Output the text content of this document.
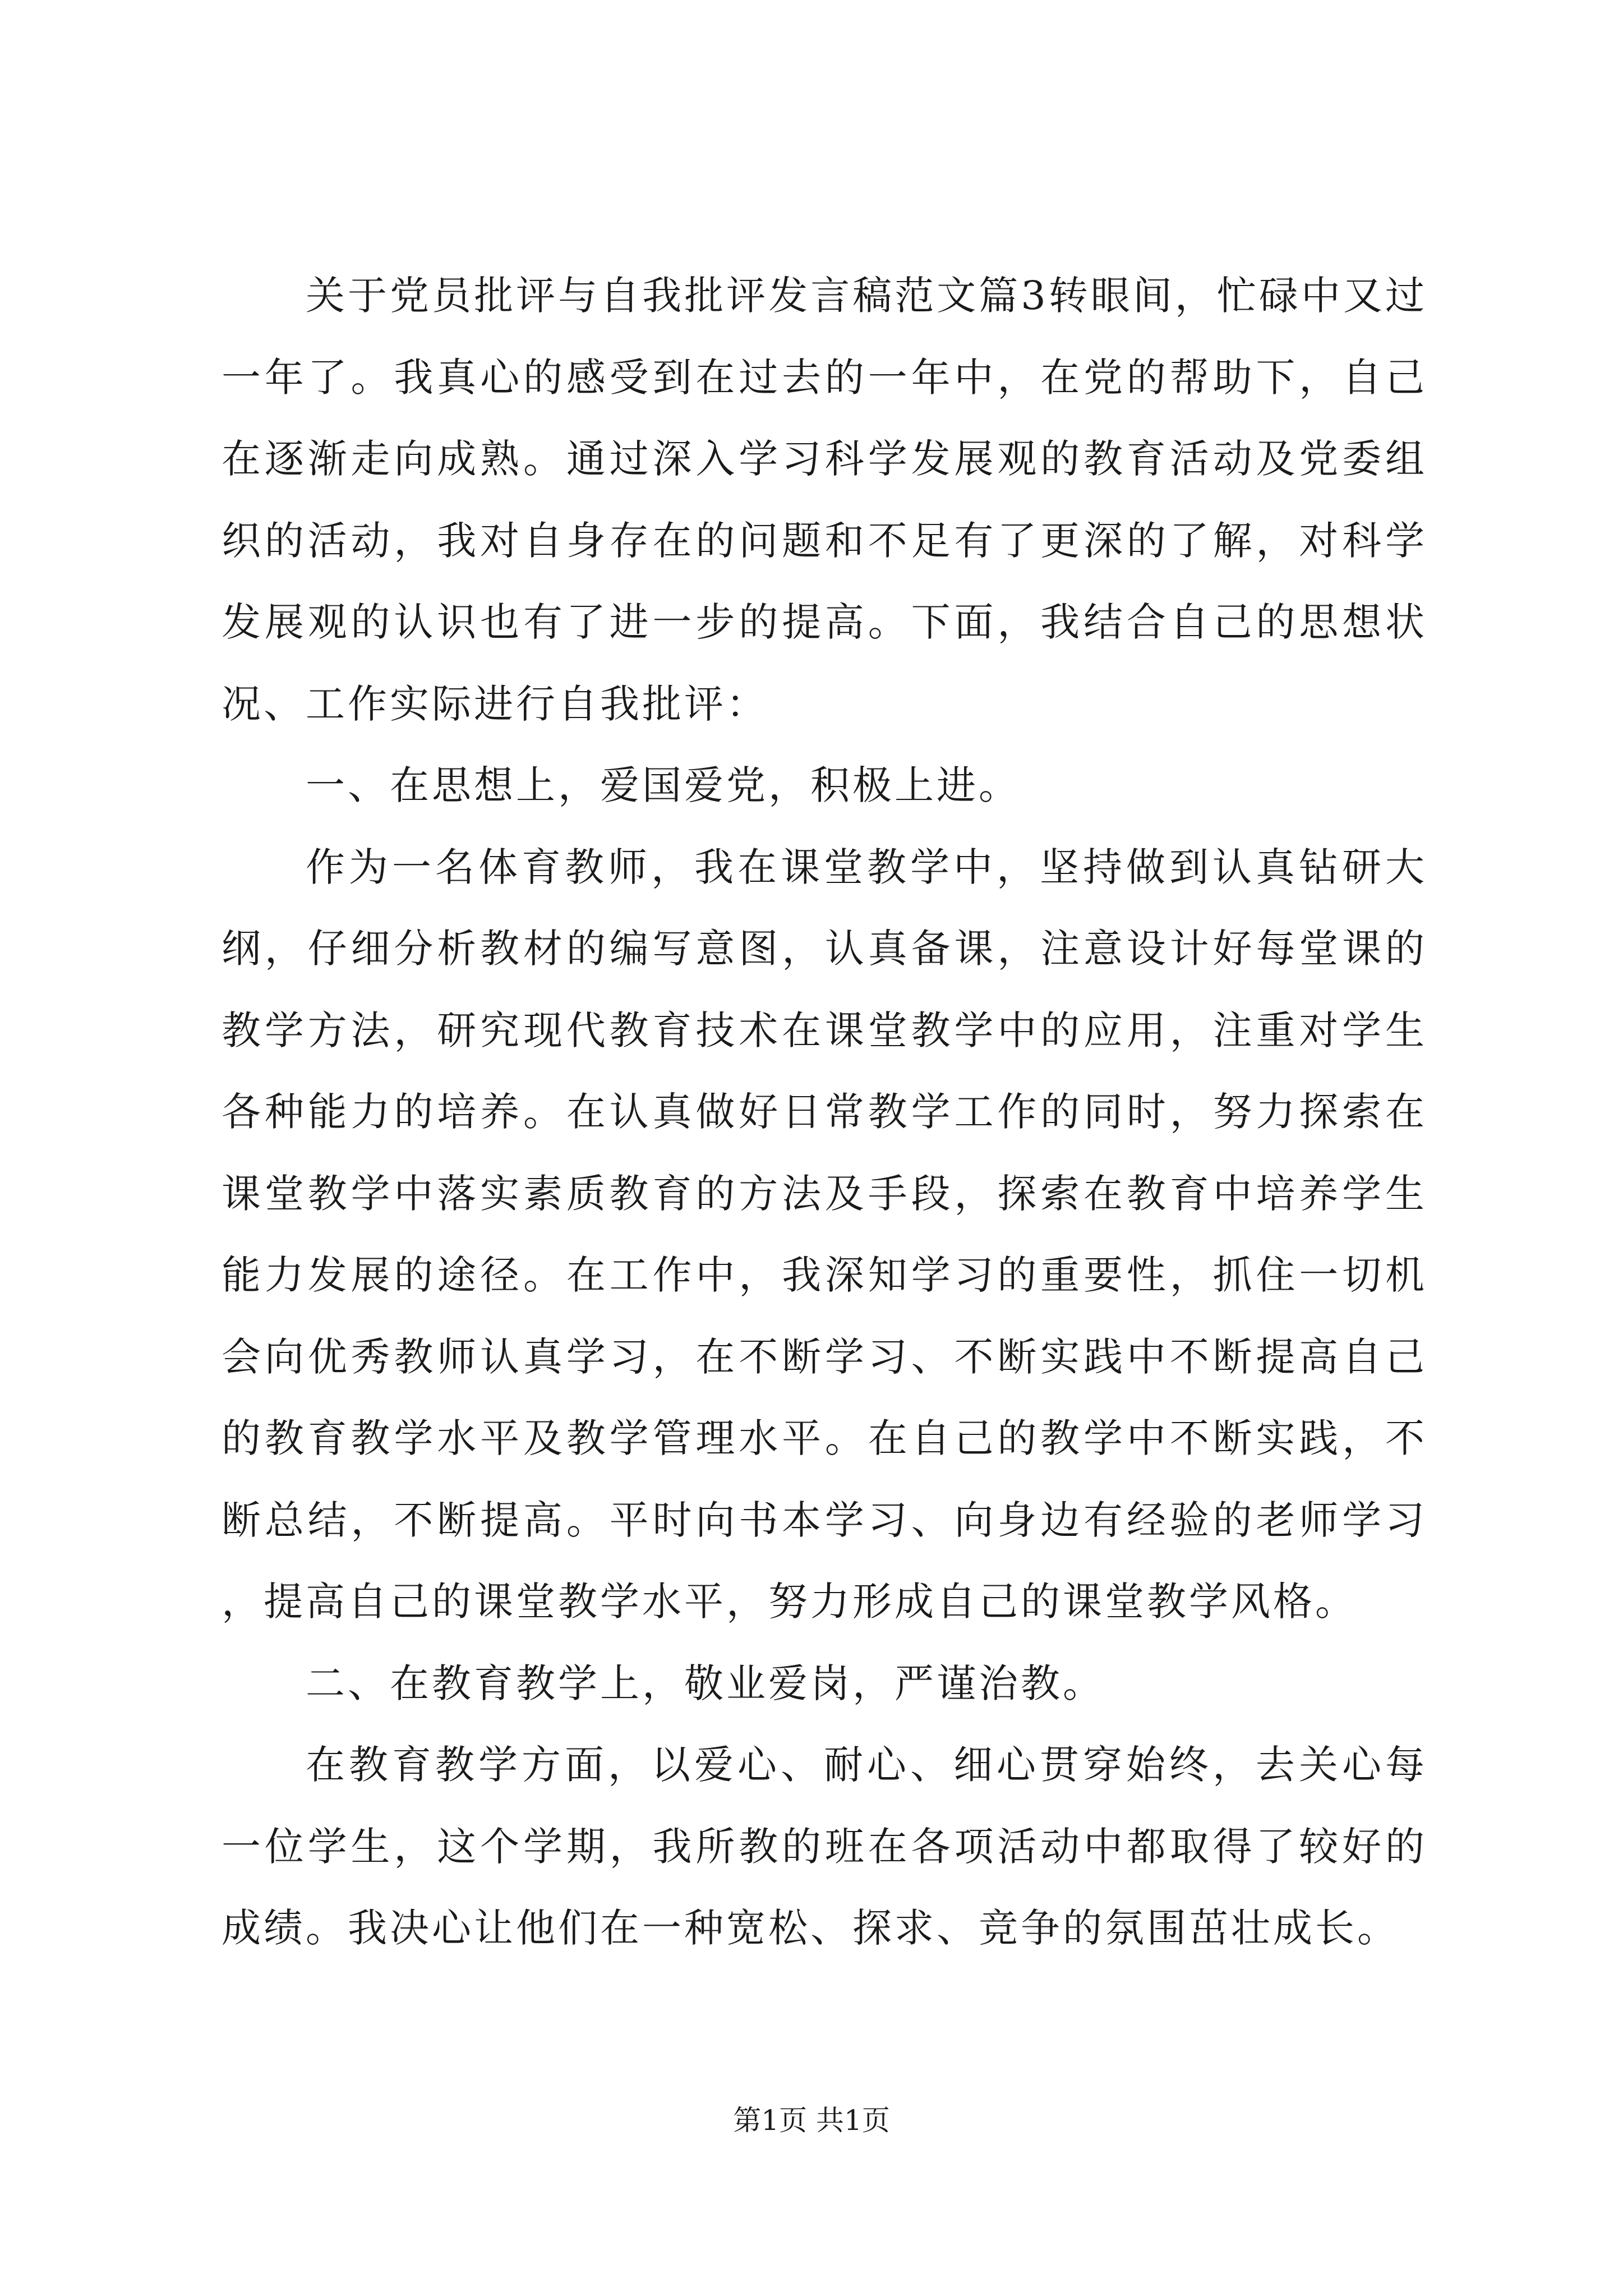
关于党员批评与自我批评发言稿范文篇3转眼间，忙碌中又过一年了。我真心的感受到在过去的一年中，在党的帮助下，自己在逐渐走向成熟。通过深入学习科学发展观的教育活动及党委组织的活动，我对自身存在的问题和不足有了更深的了解，对科学发展观的认识也有了进一步的提高。下面，我结合自己的思想状况、工作实际进行自我批评：

一、在思想上，爱国爱党，积极上进。

作为一名体育教师，我在课堂教学中，坚持做到认真钻研大纲，仔细分析教材的编写意图，认真备课，注意设计好每堂课的教学方法，研究现代教育技术在课堂教学中的应用，注重对学生各种能力的培养。在认真做好日常教学工作的同时，努力探索在课堂教学中落实素质教育的方法及手段，探索在教育中培养学生能力发展的途径。在工作中，我深知学习的重要性，抓住一切机会向优秀教师认真学习，在不断学习、不断实践中不断提高自己的教育教学水平及教学管理水平。在自己的教学中不断实践，不断总结，不断提高。平时向书本学习、向身边有经验的老师学习，提高自己的课堂教学水平，努力形成自己的课堂教学风格。

二、在教育教学上，敬业爱岗，严谨治教。

在教育教学方面，以爱心、耐心、细心贯穿始终，去关心每一位学生，这个学期，我所教的班在各项活动中都取得了较好的成绩。我决心让他们在一种宽松、探求、竞争的氛围茁壮成长。

第1页 共1页
